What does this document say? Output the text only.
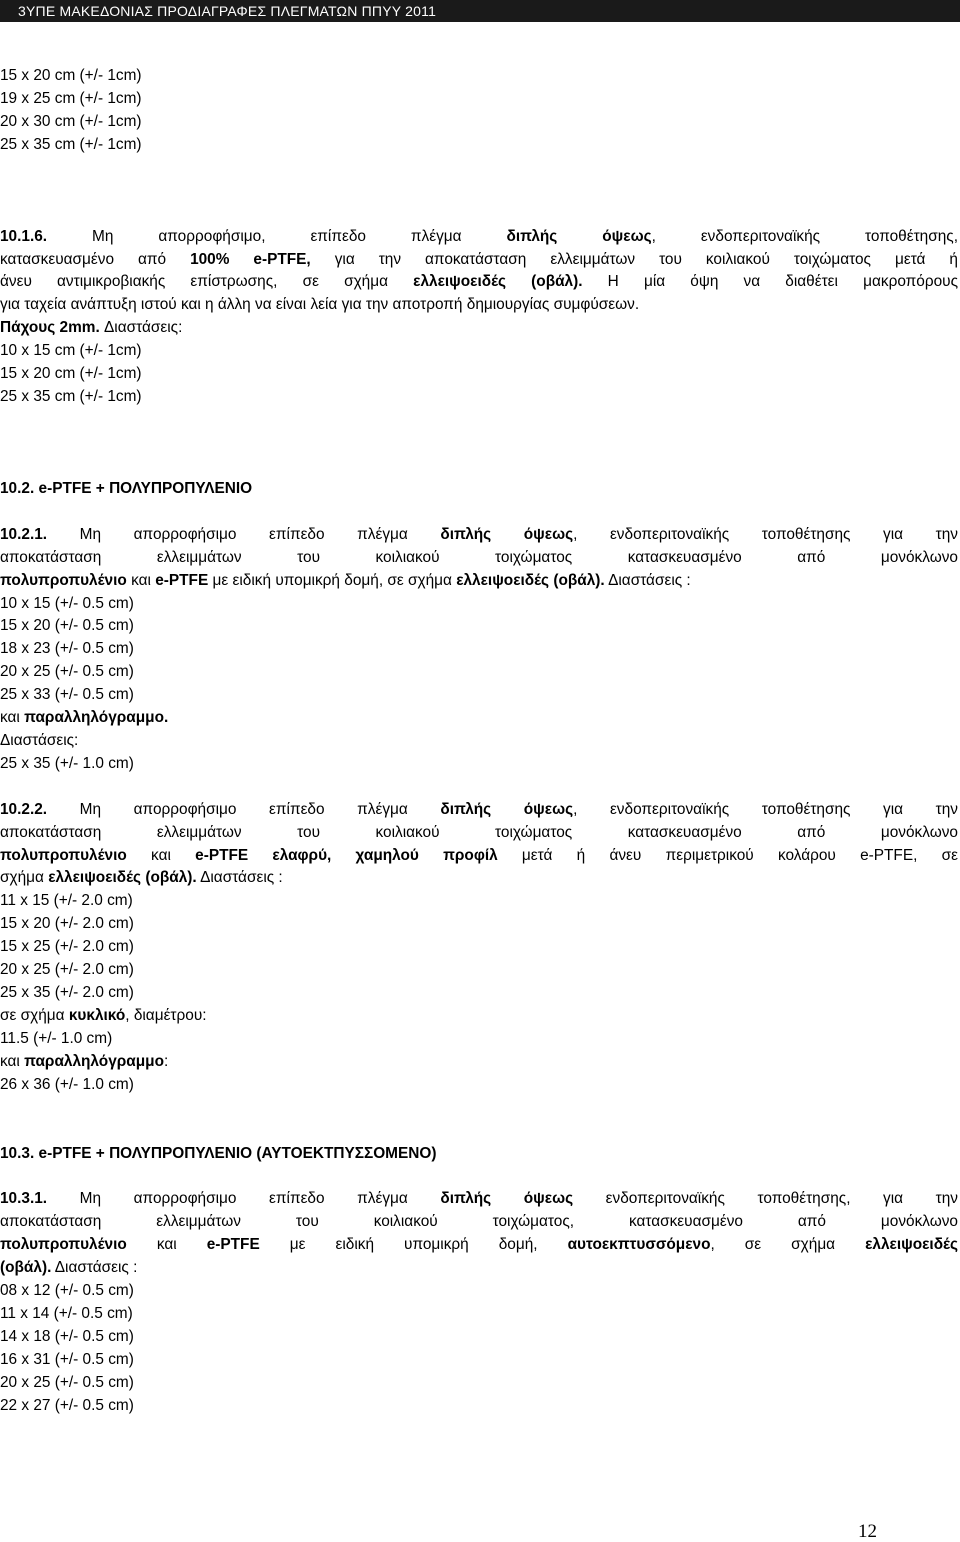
3ΥΠΕ ΜΑΚΕΔΟΝΙΑΣ ΠΡΟΔΙΑΓΡΑΦΕΣ ΠΛΕΓΜΑΤΩΝ ΠΠΥΥ 2011
15 x 20 cm (+/- 1cm)
19 x 25 cm (+/- 1cm)
20 x 30 cm (+/- 1cm)
25 x 35 cm (+/- 1cm)
10.1.6. Μη απορροφήσιμο, επίπεδο πλέγμα διπλής όψεως, ενδοπεριτοναϊκής τοποθέτησης,
κατασκευασμένο από 100% e-PTFE, για την αποκατάσταση ελλειμμάτων του κοιλιακού τοιχώματος μετά ή
άνευ αντιμικροβιακής επίστρωσης, σε σχήμα ελλειψοειδές (οβάλ). Η μία όψη να διαθέτει μακροπόρους
για ταχεία ανάπτυξη ιστού και η άλλη να είναι λεία για την αποτροπή δημιουργίας συμφύσεων.
Πάχους 2mm. Διαστάσεις:
10 x 15 cm (+/- 1cm)
15 x 20 cm (+/- 1cm)
25 x 35 cm (+/- 1cm)
10.2. e-PTFE + ΠΟΛΥΠΡΟΠΥΛΕΝΙΟ
10.2.1. Μη απορροφήσιμο επίπεδο πλέγμα διπλής όψεως, ενδοπεριτοναϊκής τοποθέτησης για την
αποκατάσταση ελλειμμάτων του κοιλιακού τοιχώματος κατασκευασμένο από μονόκλωνο
πολυπροπυλένιο και e-PTFE με ειδική υπομικρή δομή, σε σχήμα ελλειψοειδές (οβάλ). Διαστάσεις :
10 x 15 (+/- 0.5 cm)
15 x 20 (+/- 0.5 cm)
18 x 23 (+/- 0.5 cm)
20 x 25 (+/- 0.5 cm)
25 x 33 (+/- 0.5 cm)
και παραλληλόγραμμο.
Διαστάσεις:
25 x 35 (+/- 1.0 cm)
10.2.2. Μη απορροφήσιμο επίπεδο πλέγμα διπλής όψεως, ενδοπεριτοναϊκής τοποθέτησης για την
αποκατάσταση ελλειμμάτων του κοιλιακού τοιχώματος κατασκευασμένο από μονόκλωνο
πολυπροπυλένιο και e-PTFE ελαφρύ, χαμηλού προφίλ μετά ή άνευ περιμετρικού κολάρου e-PTFE, σε
σχήμα ελλειψοειδές (οβάλ). Διαστάσεις :
11 x 15 (+/- 2.0 cm)
15 x 20 (+/- 2.0 cm)
15 x 25 (+/- 2.0 cm)
20 x 25 (+/- 2.0 cm)
25 x 35 (+/- 2.0 cm)
σε σχήμα κυκλικό, διαμέτρου:
11.5 (+/- 1.0 cm)
και παραλληλόγραμμο:
26 x 36 (+/- 1.0 cm)
10.3. e-PTFE + ΠΟΛΥΠΡΟΠΥΛΕΝΙΟ (ΑΥΤΟΕΚΤΠΥΣΣΟΜΕΝΟ)
10.3.1. Μη απορροφήσιμο επίπεδο πλέγμα διπλής όψεως ενδοπεριτοναϊκής τοποθέτησης, για την
αποκατάσταση ελλειμμάτων του κοιλιακού τοιχώματος, κατασκευασμένο από μονόκλωνο
πολυπροπυλένιο και e-PTFE με ειδική υπομικρή δομή, αυτοεκπτυσσόμενο, σε σχήμα ελλειψοειδές
(οβάλ). Διαστάσεις :
08 x 12 (+/- 0.5 cm)
11 x 14 (+/- 0.5 cm)
14 x 18 (+/- 0.5 cm)
16 x 31 (+/- 0.5 cm)
20 x 25 (+/- 0.5 cm)
22 x 27 (+/- 0.5 cm)
12
